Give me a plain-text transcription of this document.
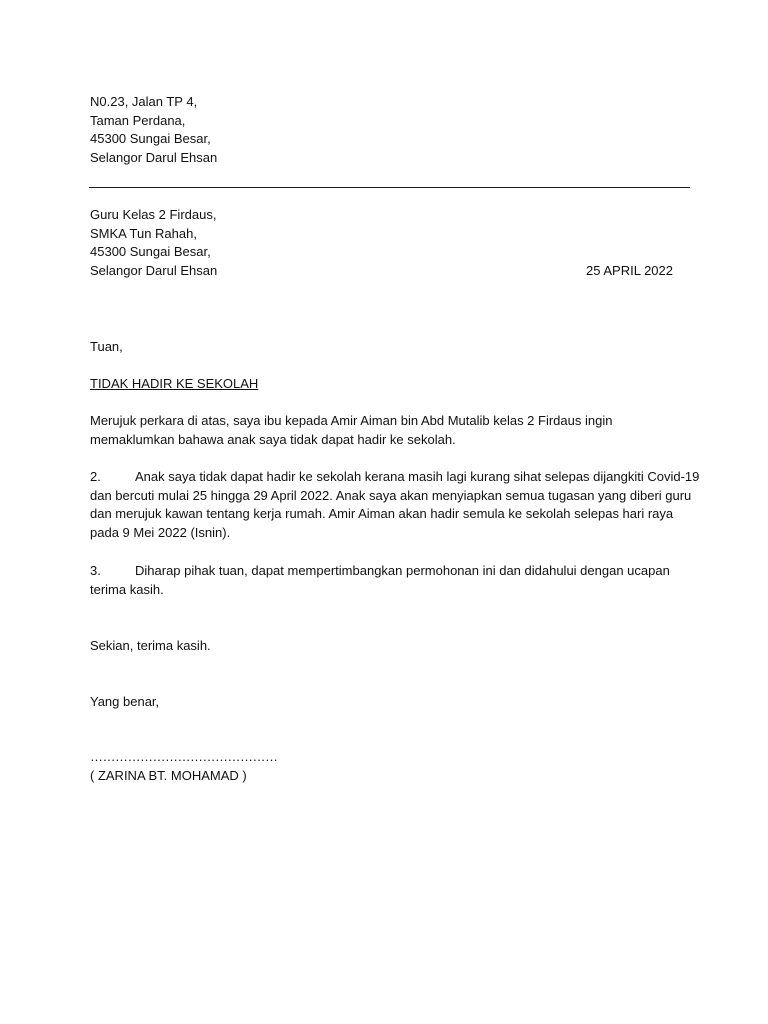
N0.23, Jalan TP 4,
Taman Perdana,
45300 Sungai Besar,
Selangor Darul Ehsan
Guru Kelas 2 Firdaus,
SMKA Tun Rahah,
45300 Sungai Besar,
Selangor Darul Ehsan	25 APRIL 2022
Tuan,
TIDAK HADIR KE SEKOLAH
Merujuk perkara di atas, saya ibu kepada Amir Aiman bin Abd Mutalib kelas 2 Firdaus ingin
memaklumkan bahawa anak saya tidak dapat hadir ke sekolah.
2.	Anak saya tidak dapat hadir ke sekolah kerana masih lagi kurang sihat selepas dijangkiti Covid-19
dan bercuti mulai 25 hingga 29 April 2022. Anak saya akan menyiapkan semua tugasan yang diberi guru
dan merujuk kawan tentang kerja rumah. Amir Aiman akan hadir semula ke sekolah selepas hari raya
pada 9 Mei 2022 (Isnin).
3.	Diharap pihak tuan, dapat mempertimbangkan permohonan ini dan didahului dengan ucapan
terima kasih.
Sekian, terima kasih.
Yang benar,
………………………………………
( ZARINA BT. MOHAMAD )
